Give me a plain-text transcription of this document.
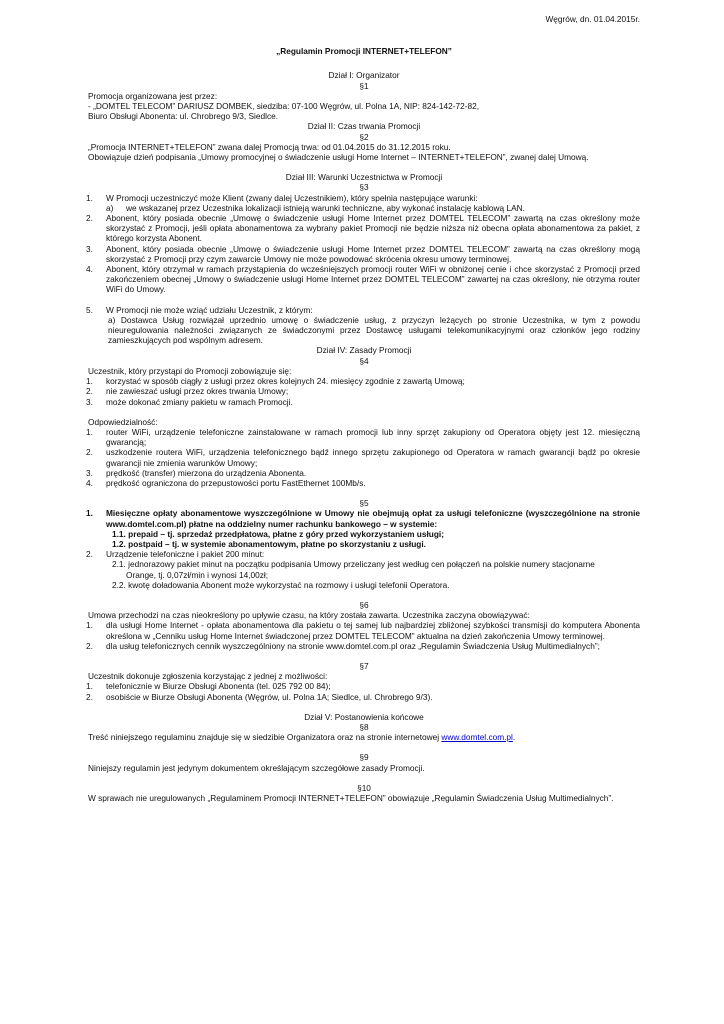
Węgrów, dn. 01.04.2015r.
„Regulamin Promocji INTERNET+TELEFON”
Dział I: Organizator
§1
Promocja organizowana jest przez:
- „DOMTEL TELECOM” DARIUSZ DOMBEK, siedziba: 07-100 Węgrów, ul. Polna 1A, NIP: 824-142-72-82,
Biuro Obsługi Abonenta: ul. Chrobrego 9/3, Siedlce.
Dział II: Czas trwania Promocji
§2
„Promocja INTERNET+TELEFON” zwana dalej Promocją trwa: od 01.04.2015 do 31.12.2015 roku.
Obowiązuje dzień podpisania „Umowy promocyjnej o świadczenie usługi Home Internet – INTERNET+TELEFON”, zwanej dalej Umową.
Dział III: Warunki Uczestnictwa w Promocji
§3
1.	W Promocji uczestniczyć może Klient (zwany dalej Uczestnikiem), który spełnia następujące warunki:
a)	we wskazanej przez Uczestnika lokalizacji istnieją warunki techniczne, aby wykonać instalację kablową LAN.
2.	Abonent, który posiada obecnie „Umowę o świadczenie usługi Home Internet przez DOMTEL TELECOM” zawartą na czas określony może skorzystać z Promocji, jeśli opłata abonamentowa za wybrany pakiet Promocji nie będzie niższa niż obecna opłata abonamentowa za pakiet, z którego korzysta Abonent.
3.	Abonent, który posiada obecnie „Umowę o świadczenie usługi Home Internet przez DOMTEL TELECOM” zawartą na czas określony mogą skorzystać z Promocji przy czym zawarcie Umowy nie może powodować skrócenia okresu umowy terminowej.
4.	Abonent, który otrzymał w ramach przystąpienia do wcześniejszych promocji router WiFi w obniżonej cenie i chce skorzystać z Promocji przed zakończeniem obecnej „Umowy o świadczenie usługi Home Internet przez DOMTEL TELECOM” zawartej na czas określony, nie otrzyma router WiFi do Umowy.
5.	W Promocji nie może wziąć udziału Uczestnik, z którym:
a) Dostawca Usług rozwiązał uprzednio umowę o świadczenie usług, z przyczyn leżących po stronie Uczestnika, w tym z powodu nieuregulowania należności związanych ze świadczonymi przez Dostawcę usługami telekomunikacyjnymi oraz członków jego rodziny zamieszkujących pod wspólnym adresem.
Dział IV: Zasady Promocji
§4
Uczestnik, który przystąpi do Promocji zobowiązuje się:
1.	korzystać w sposób ciągły z usługi przez okres kolejnych 24. miesięcy zgodnie z zawartą Umową;
2.	nie zawieszać usługi przez okres trwania Umowy;
3.	może dokonać zmiany pakietu w ramach Promocji.
Odpowiedzialność:
1.	router WiFi, urządzenie telefoniczne zainstalowane w ramach promocji lub inny sprzęt zakupiony od Operatora objęty jest 12. miesięczną gwarancją;
2.	uszkodzenie routera WiFi, urządzenia telefonicznego bądź innego sprzętu zakupionego od Operatora w ramach gwarancji bądź po okresie gwarancji nie zmienia warunków Umowy;
3.	prędkość (transfer) mierzona do urządzenia Abonenta.
4.	prędkość ograniczona do przepustowości portu FastEthernet 100Mb/s.
§5
1.	Miesięczne opłaty abonamentowe wyszczególnione w Umowy nie obejmują opłat za usługi telefoniczne (wyszczególnione na stronie www.domtel.com.pl) płatne na oddzielny numer rachunku bankowego – w systemie:
1.1. prepaid – tj. sprzedaż przedpłatowa, płatne z góry przed wykorzystaniem usługi;
1.2. postpaid – tj. w systemie abonamentowym, płatne po skorzystaniu z usługi.
2.	Urządzenie telefoniczne i pakiet 200 minut:
2.1. jednorazowy pakiet minut na początku podpisania Umowy przeliczany jest według cen połączeń na polskie numery stacjonarne
Orange, tj. 0,07zł/min i wynosi 14,00zł;
2.2. kwotę doładowania Abonent może wykorzystać na rozmowy i usługi telefonii Operatora.
§6
Umowa przechodzi na czas nieokreślony po upływie czasu, na który została zawarta. Uczestnika zaczyna obowiązywać:
1.	dla usługi Home Internet - opłata abonamentowa dla pakietu o tej samej lub najbardziej zbliżonej szybkości transmisji do komputera Abonenta określona w „Cenniku usług Home Internet świadczonej przez DOMTEL TELECOM” aktualna na dzień zakończenia Umowy terminowej.
2.	dla usług telefonicznych cennik wyszczególniony na stronie www.domtel.com.pl oraz „Regulamin Świadczenia Usług Multimedialnych”;
§7
Uczestnik dokonuje zgłoszenia korzystając z jednej z możliwości:
1.	telefonicznie w Biurze Obsługi Abonenta (tel. 025 792 00 84);
2.	osobiście w Biurze Obsługi Abonenta (Węgrów, ul. Polna 1A; Siedlce, ul. Chrobrego 9/3).
Dział V: Postanowienia końcowe
§8
Treść niniejszego regulaminu znajduje się w siedzibie Organizatora oraz na stronie internetowej www.domtel.com.pl.
§9
Niniejszy regulamin jest jedynym dokumentem określającym szczegółowe zasady Promocji.
§10
W sprawach nie uregulowanych „Regulaminem Promocji INTERNET+TELEFON” obowiązuje „Regulamin Świadczenia Usług Multimedialnych”.
